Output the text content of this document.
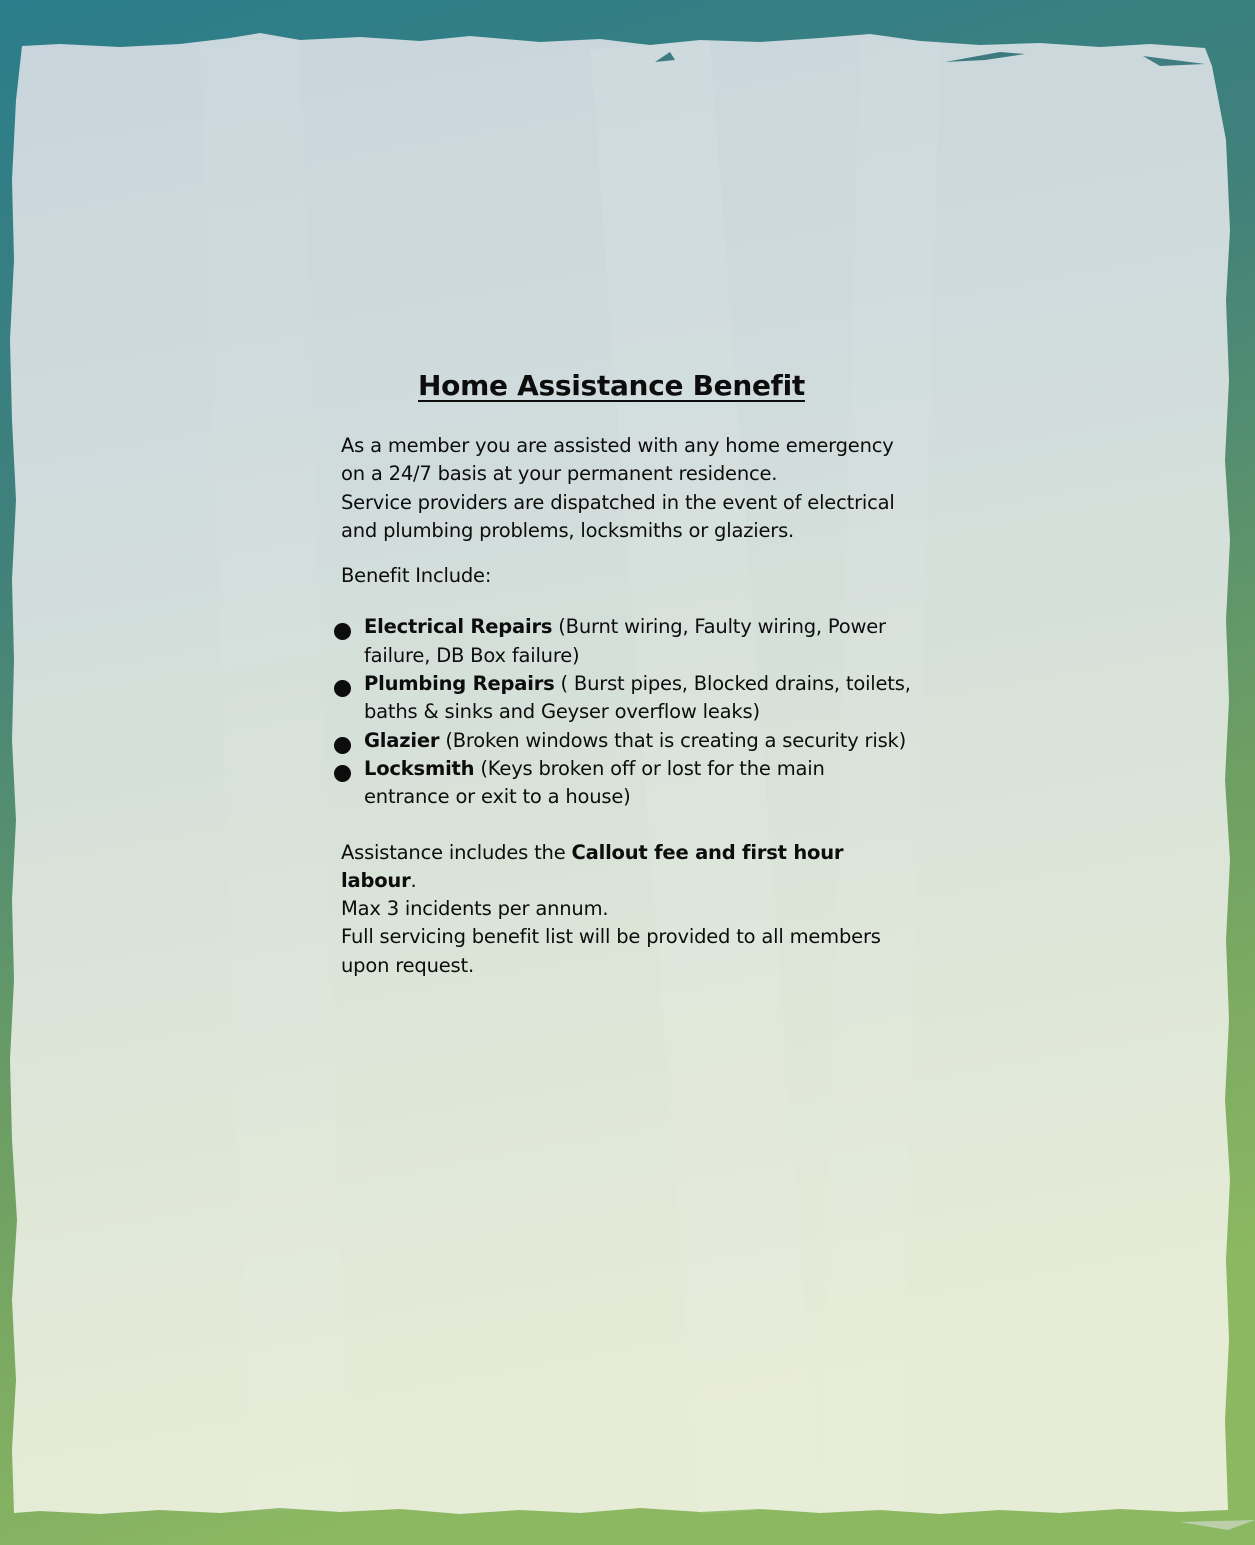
Home Assistance Benefit

As a member you are assisted with any home emergency on a 24/7 basis at your permanent residence.

Service providers are dispatched in the event of electrical and plumbing problems, locksmiths or glaziers.

Benefit Include:

Electrical Repairs (Burnt wiring, Faulty wiring, Power failure, DB Box failure)
Plumbing Repairs ( Burst pipes, Blocked drains, toilets, baths & sinks and Geyser overflow leaks)
Glazier (Broken windows that is creating a security risk)
Locksmith (Keys broken off or lost for the main entrance or exit to a house)

Assistance includes the Callout fee and first hour labour.

Max 3 incidents per annum.

Full servicing benefit list will be provided to all members upon request.
